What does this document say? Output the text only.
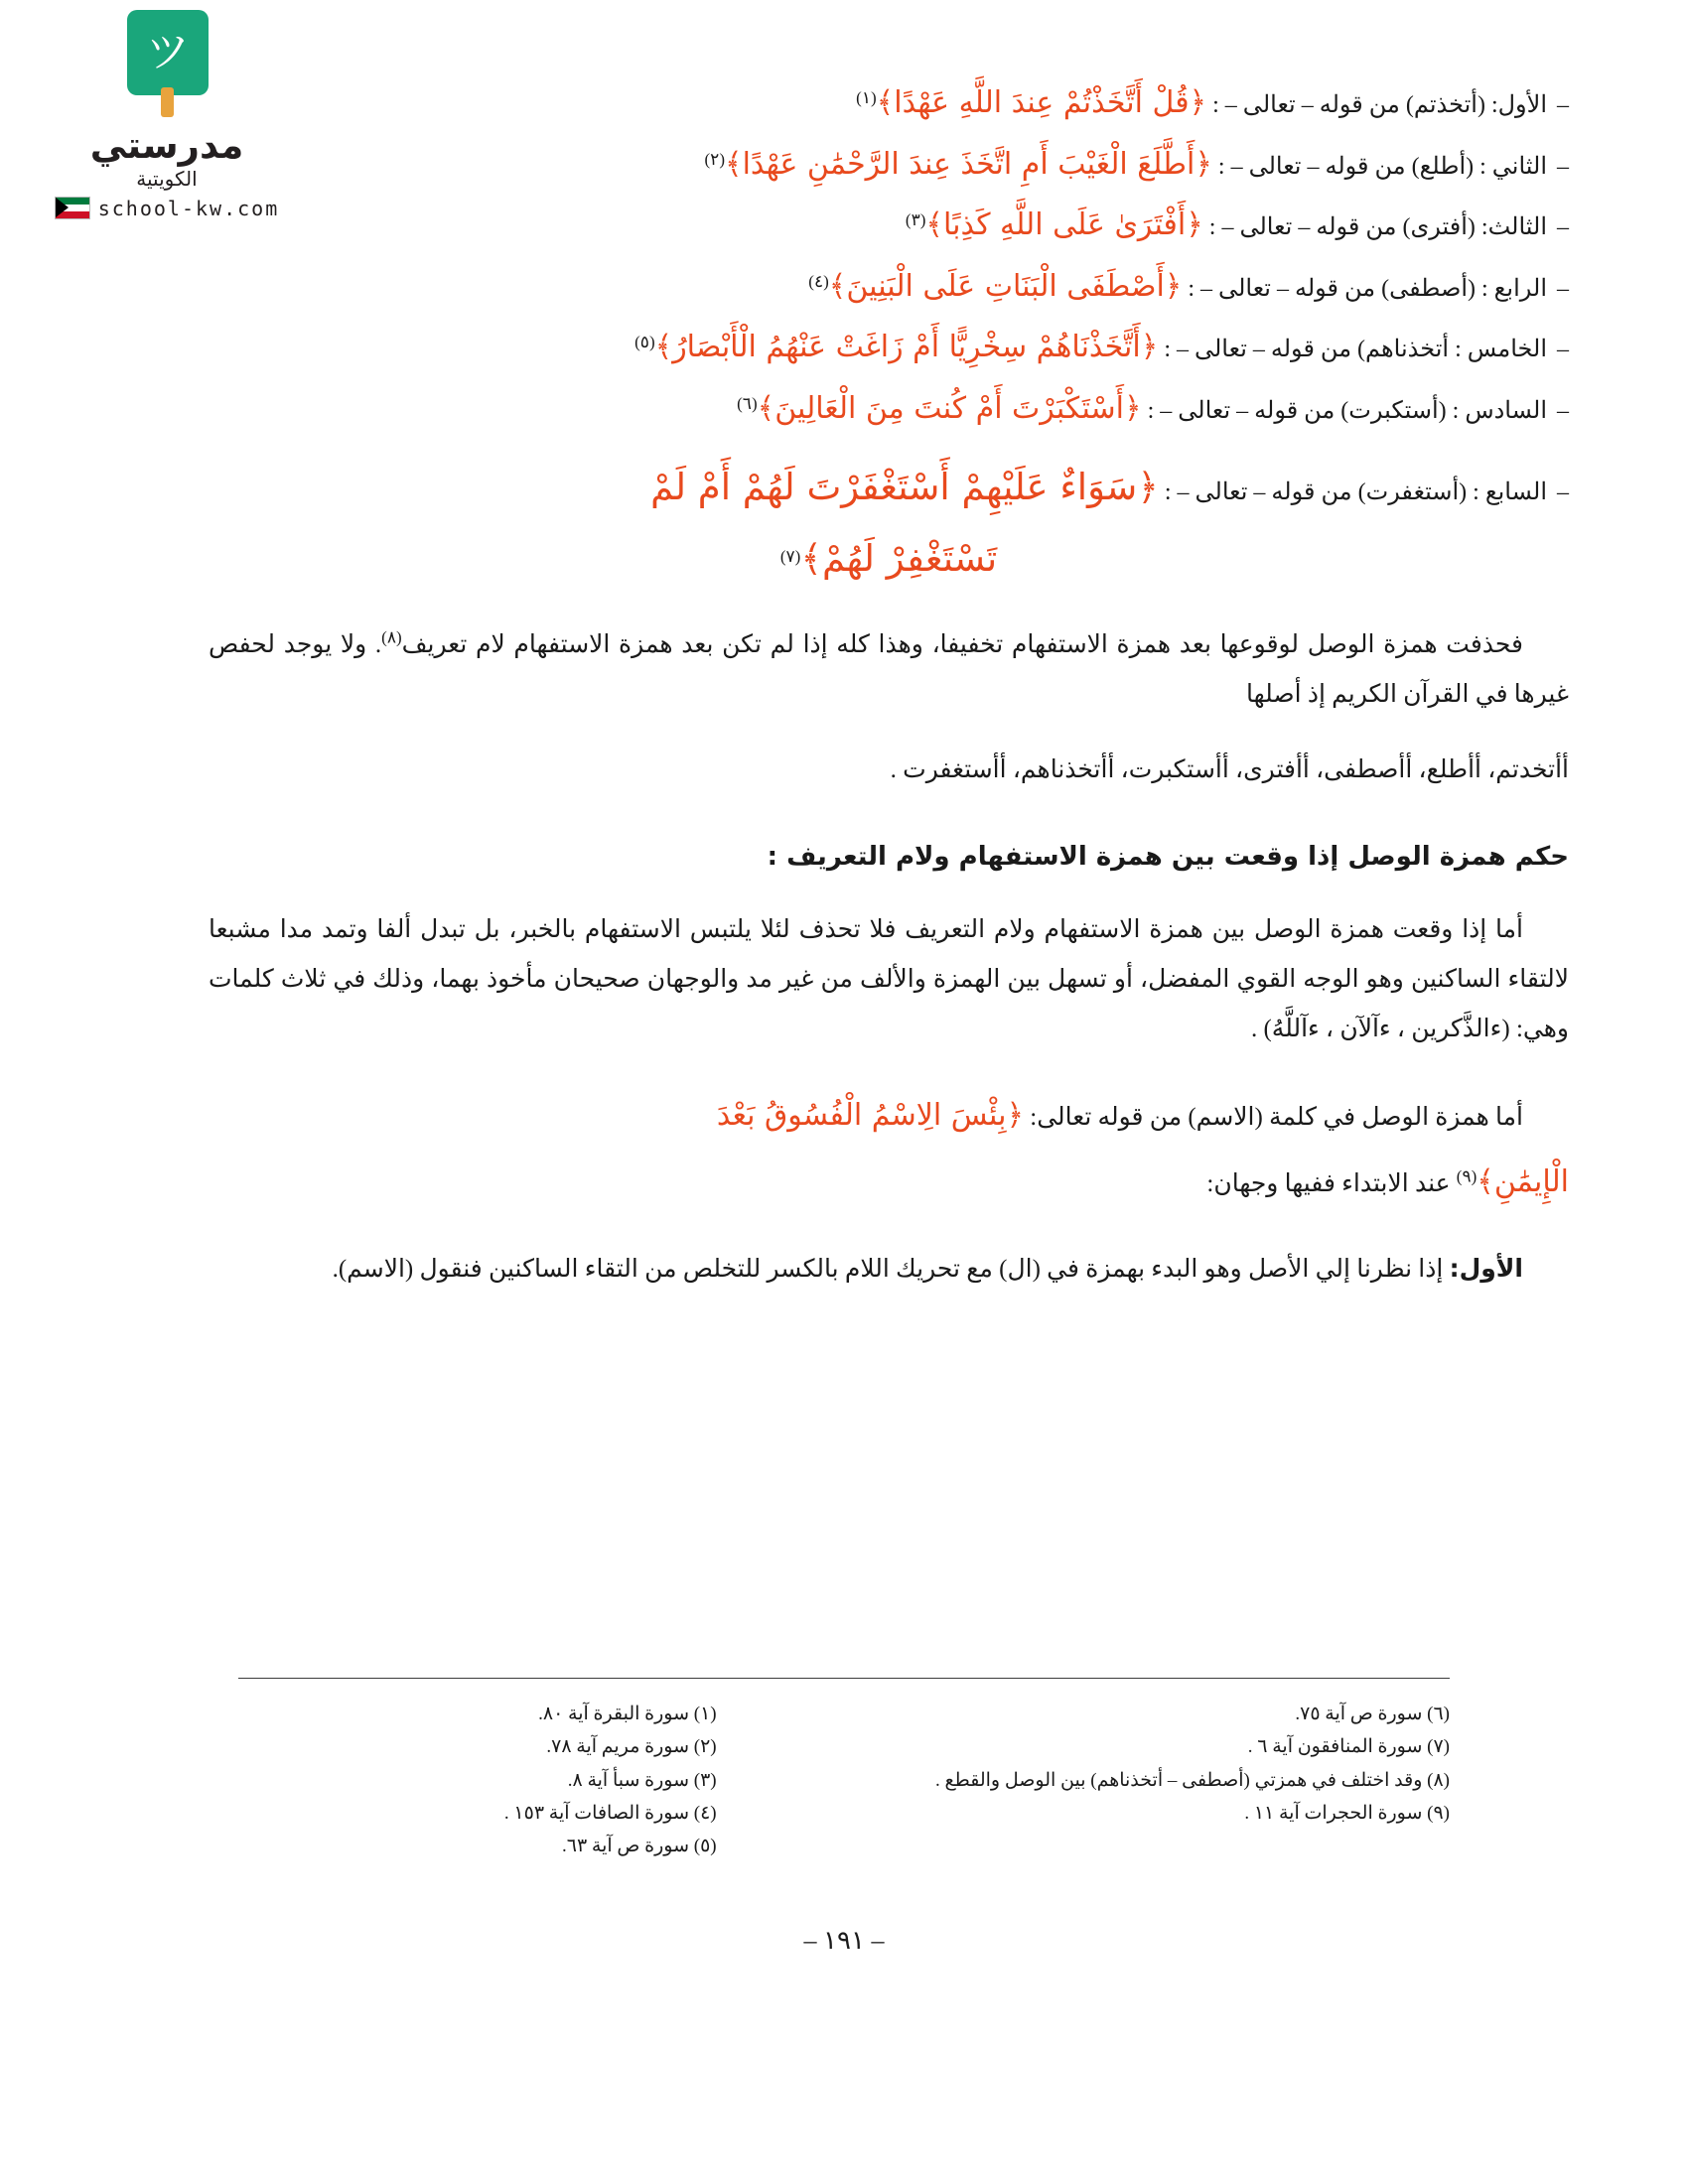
ツ
مدرستي
الكويتية
school-kw.com
– الأول: (أتخذتم) من قوله – تعالى – : ﴿قُلْ أَتَّخَذْتُمْ عِندَ اللَّهِ عَهْدًا﴾$^{(١)}$
– الثاني : (أطلع) من قوله – تعالى – : ﴿أَطَّلَعَ الْغَيْبَ أَمِ اتَّخَذَ عِندَ الرَّحْمَٰنِ عَهْدًا﴾$^{(٢)}$
– الثالث: (أفترى) من قوله – تعالى – : ﴿أَفْتَرَىٰ عَلَى اللَّهِ كَذِبًا﴾$^{(٣)}$
– الرابع : (أصطفى) من قوله – تعالى – : ﴿أَصْطَفَى الْبَنَاتِ عَلَى الْبَنِينَ﴾$^{(٤)}$
– الخامس : أتخذناهم) من قوله – تعالى – : ﴿أَتَّخَذْنَاهُمْ سِخْرِيًّا أَمْ زَاغَتْ عَنْهُمُ الْأَبْصَارُ﴾$^{(٥)}$
– السادس : (أستكبرت) من قوله – تعالى – : ﴿أَسْتَكْبَرْتَ أَمْ كُنتَ مِنَ الْعَالِينَ﴾$^{(٦)}$
– السابع : (أستغفرت) من قوله – تعالى – : ﴿سَوَاءٌ عَلَيْهِمْ أَسْتَغْفَرْتَ لَهُمْ أَمْ لَمْ
تَسْتَغْفِرْ لَهُمْ﴾$^{(٧)}$

فحذفت همزة الوصل لوقوعها بعد همزة الاستفهام تخفيفا، وهذا كله إذا لم تكن بعد همزة الاستفهام لام تعريف$^{(٨)}$. ولا يوجد لحفص غيرها في القرآن الكريم إذ أصلها

أأتخدتم، أأطلع، أأصطفى، أأفترى، أأستكبرت، أأتخذناهم، أأستغفرت .

حكم همزة الوصل إذا وقعت بين همزة الاستفهام ولام التعريف :

أما إذا وقعت همزة الوصل بين همزة الاستفهام ولام التعريف فلا تحذف لئلا يلتبس الاستفهام بالخبر، بل تبدل ألفا وتمد مدا مشبعا لالتقاء الساكنين وهو الوجه القوي المفضل، أو تسهل بين الهمزة والألف من غير مد والوجهان صحيحان مأخوذ بهما، وذلك في ثلاث كلمات وهي: (ءالذَّكرين ، ءآلآن ، ءآللَّهُ) .

أما همزة الوصل في كلمة (الاسم) من قوله تعالى: ﴿بِئْسَ الِاسْمُ الْفُسُوقُ بَعْدَ

الْإِيمَٰنِ﴾$^{(٩)}$ عند الابتداء ففيها وجهان:

الأول: إذا نظرنا إلي الأصل وهو البدء بهمزة في (ال) مع تحريك اللام بالكسر للتخلص من التقاء الساكنين فنقول (الاسم).

(١) سورة البقرة آية ٨٠.
(٢) سورة مريم آية ٧٨.
(٣) سورة سبأ آية ٨.
(٤) سورة الصافات آية ١٥٣ .
(٥) سورة ص آية ٦٣.
(٦) سورة ص آية ٧٥.
(٧) سورة المنافقون آية ٦ .
(٨) وقد اختلف في همزتي (أصطفى – أتخذناهم) بين الوصل والقطع .
(٩) سورة الحجرات آية ١١ .
– ١٩١ –
